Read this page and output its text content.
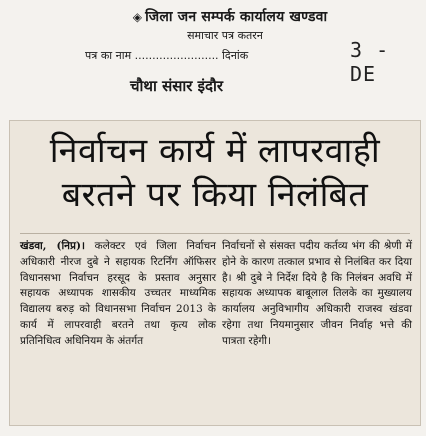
◈ जिला जन सम्पर्क कार्यालय खण्डवा
समाचार पत्र कतरन
पत्र का नाम ........................ दिनांक	3 - DE
चौथा संसार इंदौर
निर्वाचन कार्य में लापरवाही
बरतने पर किया निलंबित

खंडवा, (निप्र)। कलेक्टर एवं जिला निर्वाचन अधिकारी नीरज दुबे ने सहायक रिटर्निंग ऑफिसर विधानसभा निर्वाचन हरसूद के प्रस्ताव अनुसार सहायक अध्यापक शासकीय उच्चतर माध्यमिक विद्यालय बरुड़ को विधानसभा निर्वाचन 2013 के कार्य में लापरवाही बरतने तथा कृत्य लोक प्रतिनिधित्व अधिनियम के अंतर्गत

निर्वाचनों से संसक्त पदीय कर्तव्य भंग की श्रेणी में होने के कारण तत्काल प्रभाव से निलंबित कर दिया है। श्री दुबे ने निर्देश दिये है कि निलंबन अवधि में सहायक अध्यापक बाबूलाल तिलके का मुख्यालय कार्यालय अनुविभागीय अधिकारी राजस्व खंडवा रहेगा तथा नियमानुसार जीवन निर्वाह भत्ते की पात्रता रहेगी।
